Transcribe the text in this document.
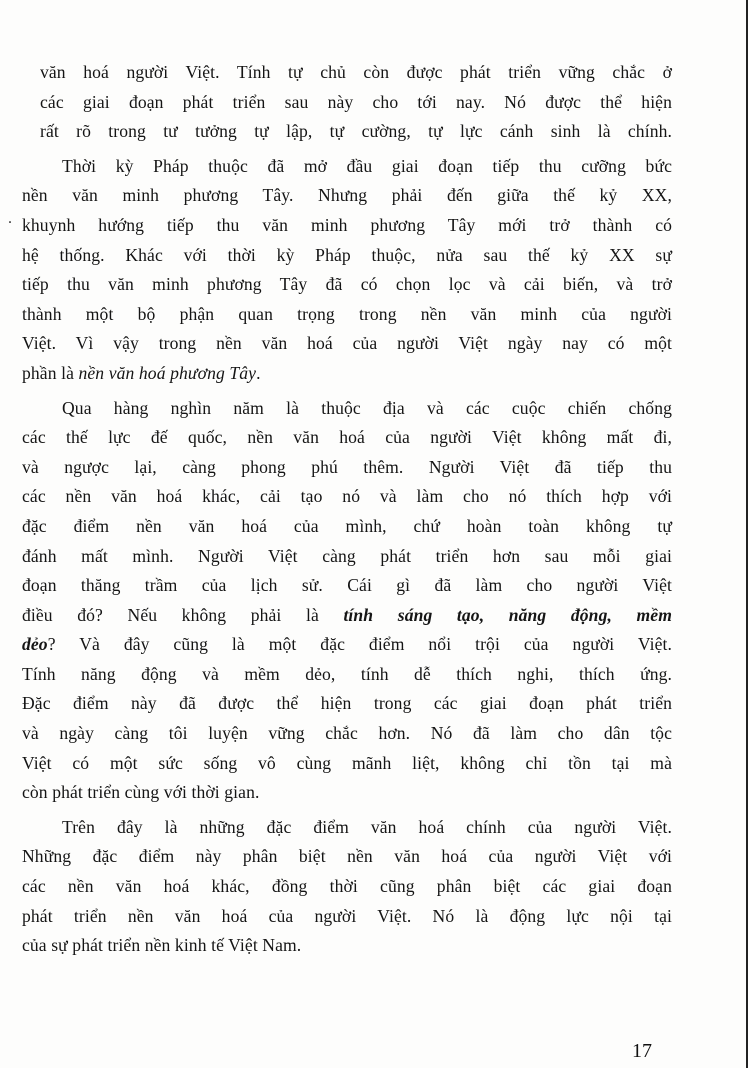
.
văn hoá người Việt. Tính tự chủ còn được phát triển vững chắc ở
các giai đoạn phát triển sau này cho tới nay. Nó được thể hiện
rất rõ trong tư tưởng tự lập, tự cường, tự lực cánh sinh là chính.
Thời kỳ Pháp thuộc đã mở đầu giai đoạn tiếp thu cưỡng bức
nền văn minh phương Tây. Nhưng phải đến giữa thế kỷ XX,
khuynh hướng tiếp thu văn minh phương Tây mới trở thành có
hệ thống. Khác với thời kỳ Pháp thuộc, nửa sau thế kỷ XX sự
tiếp thu văn minh phương Tây đã có chọn lọc và cải biến, và trở
thành một bộ phận quan trọng trong nền văn minh của người
Việt. Vì vậy trong nền văn hoá của người Việt ngày nay có một
phần là nền văn hoá phương Tây.
Qua hàng nghìn năm là thuộc địa và các cuộc chiến chống
các thế lực đế quốc, nền văn hoá của người Việt không mất đi,
và ngược lại, càng phong phú thêm. Người Việt đã tiếp thu
các nền văn hoá khác, cải tạo nó và làm cho nó thích hợp với
đặc điểm nền văn hoá của mình, chứ hoàn toàn không tự
đánh mất mình. Người Việt càng phát triển hơn sau mỗi giai
đoạn thăng trầm của lịch sử. Cái gì đã làm cho người Việt
điều đó? Nếu không phải là tính sáng tạo, năng động, mềm
dẻo? Và đây cũng là một đặc điểm nổi trội của người Việt.
Tính năng động và mềm dẻo, tính dễ thích nghi, thích ứng.
Đặc điểm này đã được thể hiện trong các giai đoạn phát triển
và ngày càng tôi luyện vững chắc hơn. Nó đã làm cho dân tộc
Việt có một sức sống vô cùng mãnh liệt, không chỉ tồn tại mà
còn phát triển cùng với thời gian.
Trên đây là những đặc điểm văn hoá chính của người Việt.
Những đặc điểm này phân biệt nền văn hoá của người Việt với
các nền văn hoá khác, đồng thời cũng phân biệt các giai đoạn
phát triển nền văn hoá của người Việt. Nó là động lực nội tại
của sự phát triển nền kinh tế Việt Nam.
17
